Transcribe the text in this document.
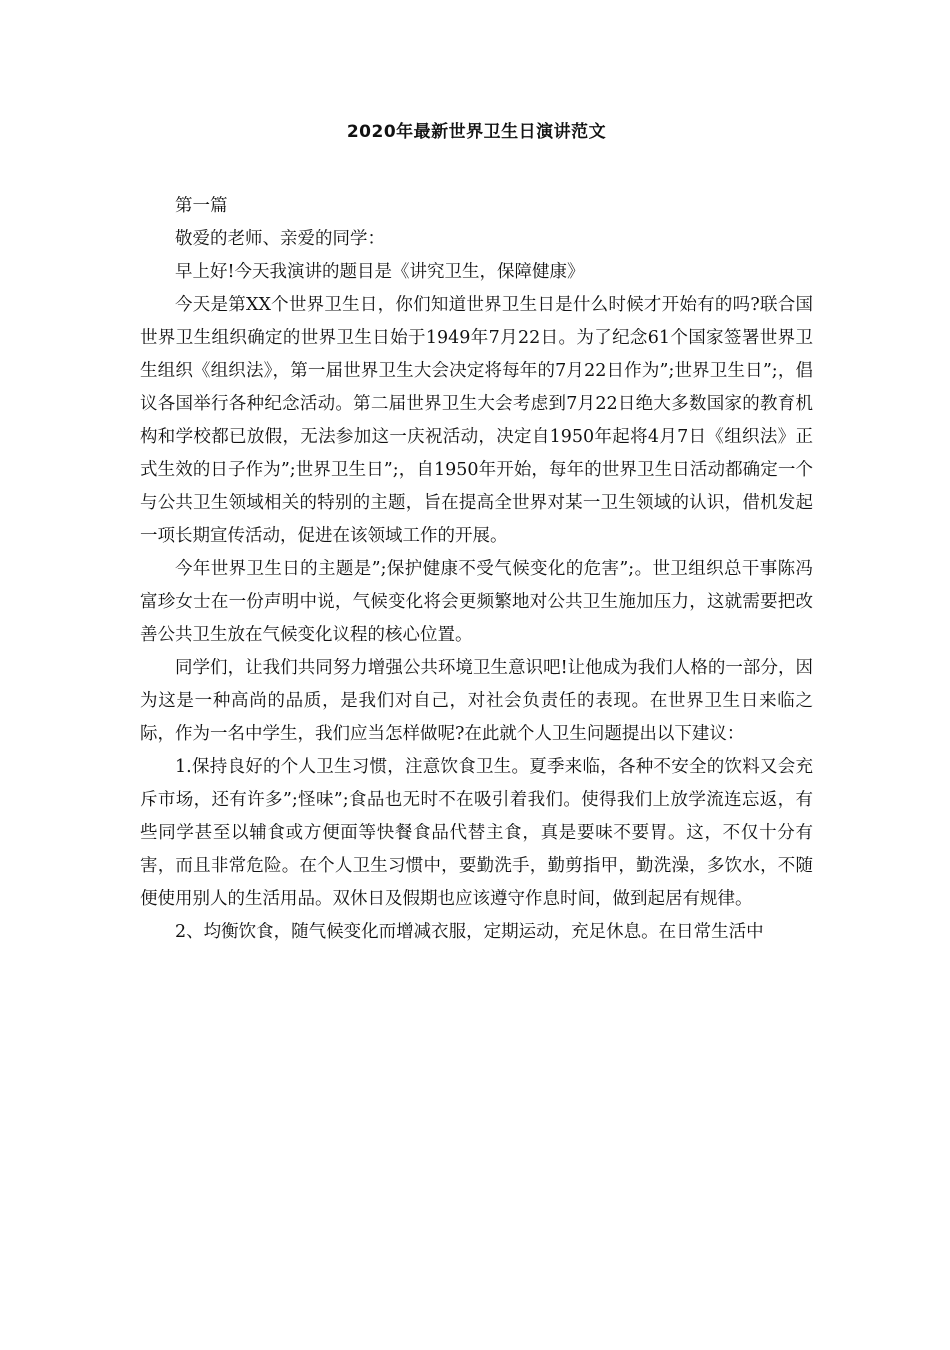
2020年最新世界卫生日演讲范文

第一篇

敬爱的老师、亲爱的同学：

早上好!今天我演讲的题目是《讲究卫生，保障健康》

今天是第XX个世界卫生日，你们知道世界卫生日是什么时候才开始有的吗?联合国世界卫生组织确定的世界卫生日始于1949年7月22日。为了纪念61个国家签署世界卫生组织《组织法》，第一届世界卫生大会决定将每年的7月22日作为”;世界卫生日”;，倡议各国举行各种纪念活动。第二届世界卫生大会考虑到7月22日绝大多数国家的教育机构和学校都已放假，无法参加这一庆祝活动，决定自1950年起将4月7日《组织法》正式生效的日子作为”;世界卫生日”;，自1950年开始，每年的世界卫生日活动都确定一个与公共卫生领域相关的特别的主题，旨在提高全世界对某一卫生领域的认识，借机发起一项长期宣传活动，促进在该领域工作的开展。

今年世界卫生日的主题是”;保护健康不受气候变化的危害”;。世卫组织总干事陈冯富珍女士在一份声明中说，气候变化将会更频繁地对公共卫生施加压力，这就需要把改善公共卫生放在气候变化议程的核心位置。

同学们，让我们共同努力增强公共环境卫生意识吧!让他成为我们人格的一部分，因为这是一种高尚的品质，是我们对自己，对社会负责任的表现。在世界卫生日来临之际，作为一名中学生，我们应当怎样做呢?在此就个人卫生问题提出以下建议：

1.保持良好的个人卫生习惯，注意饮食卫生。夏季来临，各种不安全的饮料又会充斥市场，还有许多”;怪味”;食品也无时不在吸引着我们。使得我们上放学流连忘返，有些同学甚至以辅食或方便面等快餐食品代替主食，真是要味不要胃。这，不仅十分有害，而且非常危险。在个人卫生习惯中，要勤洗手，勤剪指甲，勤洗澡，多饮水，不随便使用别人的生活用品。双休日及假期也应该遵守作息时间，做到起居有规律。

2、均衡饮食，随气候变化而增减衣服，定期运动，充足休息。在日常生活中
